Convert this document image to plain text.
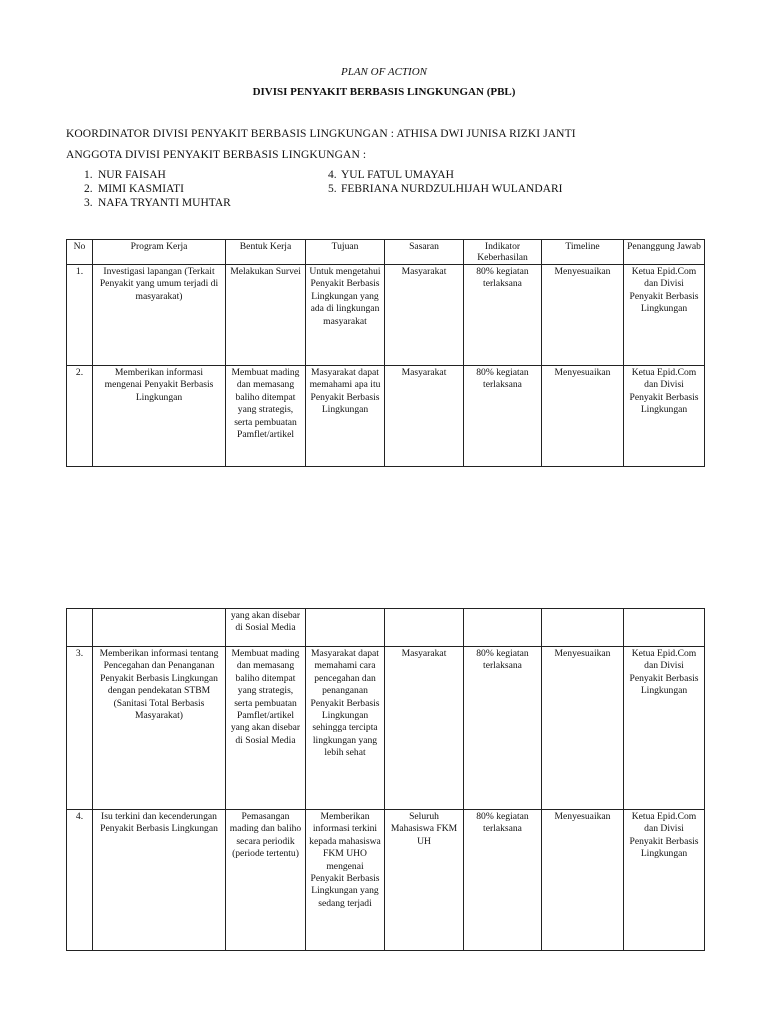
PLAN OF ACTION
DIVISI PENYAKIT BERBASIS LINGKUNGAN (PBL)
KOORDINATOR DIVISI PENYAKIT BERBASIS LINGKUNGAN : ATHISA DWI JUNISA RIZKI JANTI
ANGGOTA DIVISI PENYAKIT BERBASIS LINGKUNGAN :
1. NUR FAISAH
2. MIMI KASMIATI
3. NAFA TRYANTI MUHTAR
4. YUL FATUL UMAYAH
5. FEBRIANA NURDZULHIJAH WULANDARI
No	Program Kerja	Bentuk Kerja	Tujuan	Sasaran	Indikator Keberhasilan	Timeline	Penanggung Jawab
1.	Investigasi lapangan (Terkait Penyakit yang umum terjadi di masyarakat)	Melakukan Survei	Untuk mengetahui Penyakit Berbasis Lingkungan yang ada di lingkungan masyarakat	Masyarakat	80% kegiatan terlaksana	Menyesuaikan	Ketua Epid.Com dan Divisi Penyakit Berbasis Lingkungan
2.	Memberikan informasi mengenai Penyakit Berbasis Lingkungan	Membuat mading dan memasang baliho ditempat yang strategis, serta pembuatan Pamflet/artikel	Masyarakat dapat memahami apa itu Penyakit Berbasis Lingkungan	Masyarakat	80% kegiatan terlaksana	Menyesuaikan	Ketua Epid.Com dan Divisi Penyakit Berbasis Lingkungan
		yang akan disebar di Sosial Media					
3.	Memberikan informasi tentang Pencegahan dan Penanganan Penyakit Berbasis Lingkungan dengan pendekatan STBM (Sanitasi Total Berbasis Masyarakat)	Membuat mading dan memasang baliho ditempat yang strategis, serta pembuatan Pamflet/artikel yang akan disebar di Sosial Media	Masyarakat dapat memahami cara pencegahan dan penanganan Penyakit Berbasis Lingkungan sehingga tercipta lingkungan yang lebih sehat	Masyarakat	80% kegiatan terlaksana	Menyesuaikan	Ketua Epid.Com dan Divisi Penyakit Berbasis Lingkungan
4.	Isu terkini dan kecenderungan Penyakit Berbasis Lingkungan	Pemasangan mading dan baliho secara periodik (periode tertentu)	Memberikan informasi terkini kepada mahasiswa FKM UHO mengenai Penyakit Berbasis Lingkungan yang sedang terjadi	Seluruh Mahasiswa FKM UH	80% kegiatan terlaksana	Menyesuaikan	Ketua Epid.Com dan Divisi Penyakit Berbasis Lingkungan
